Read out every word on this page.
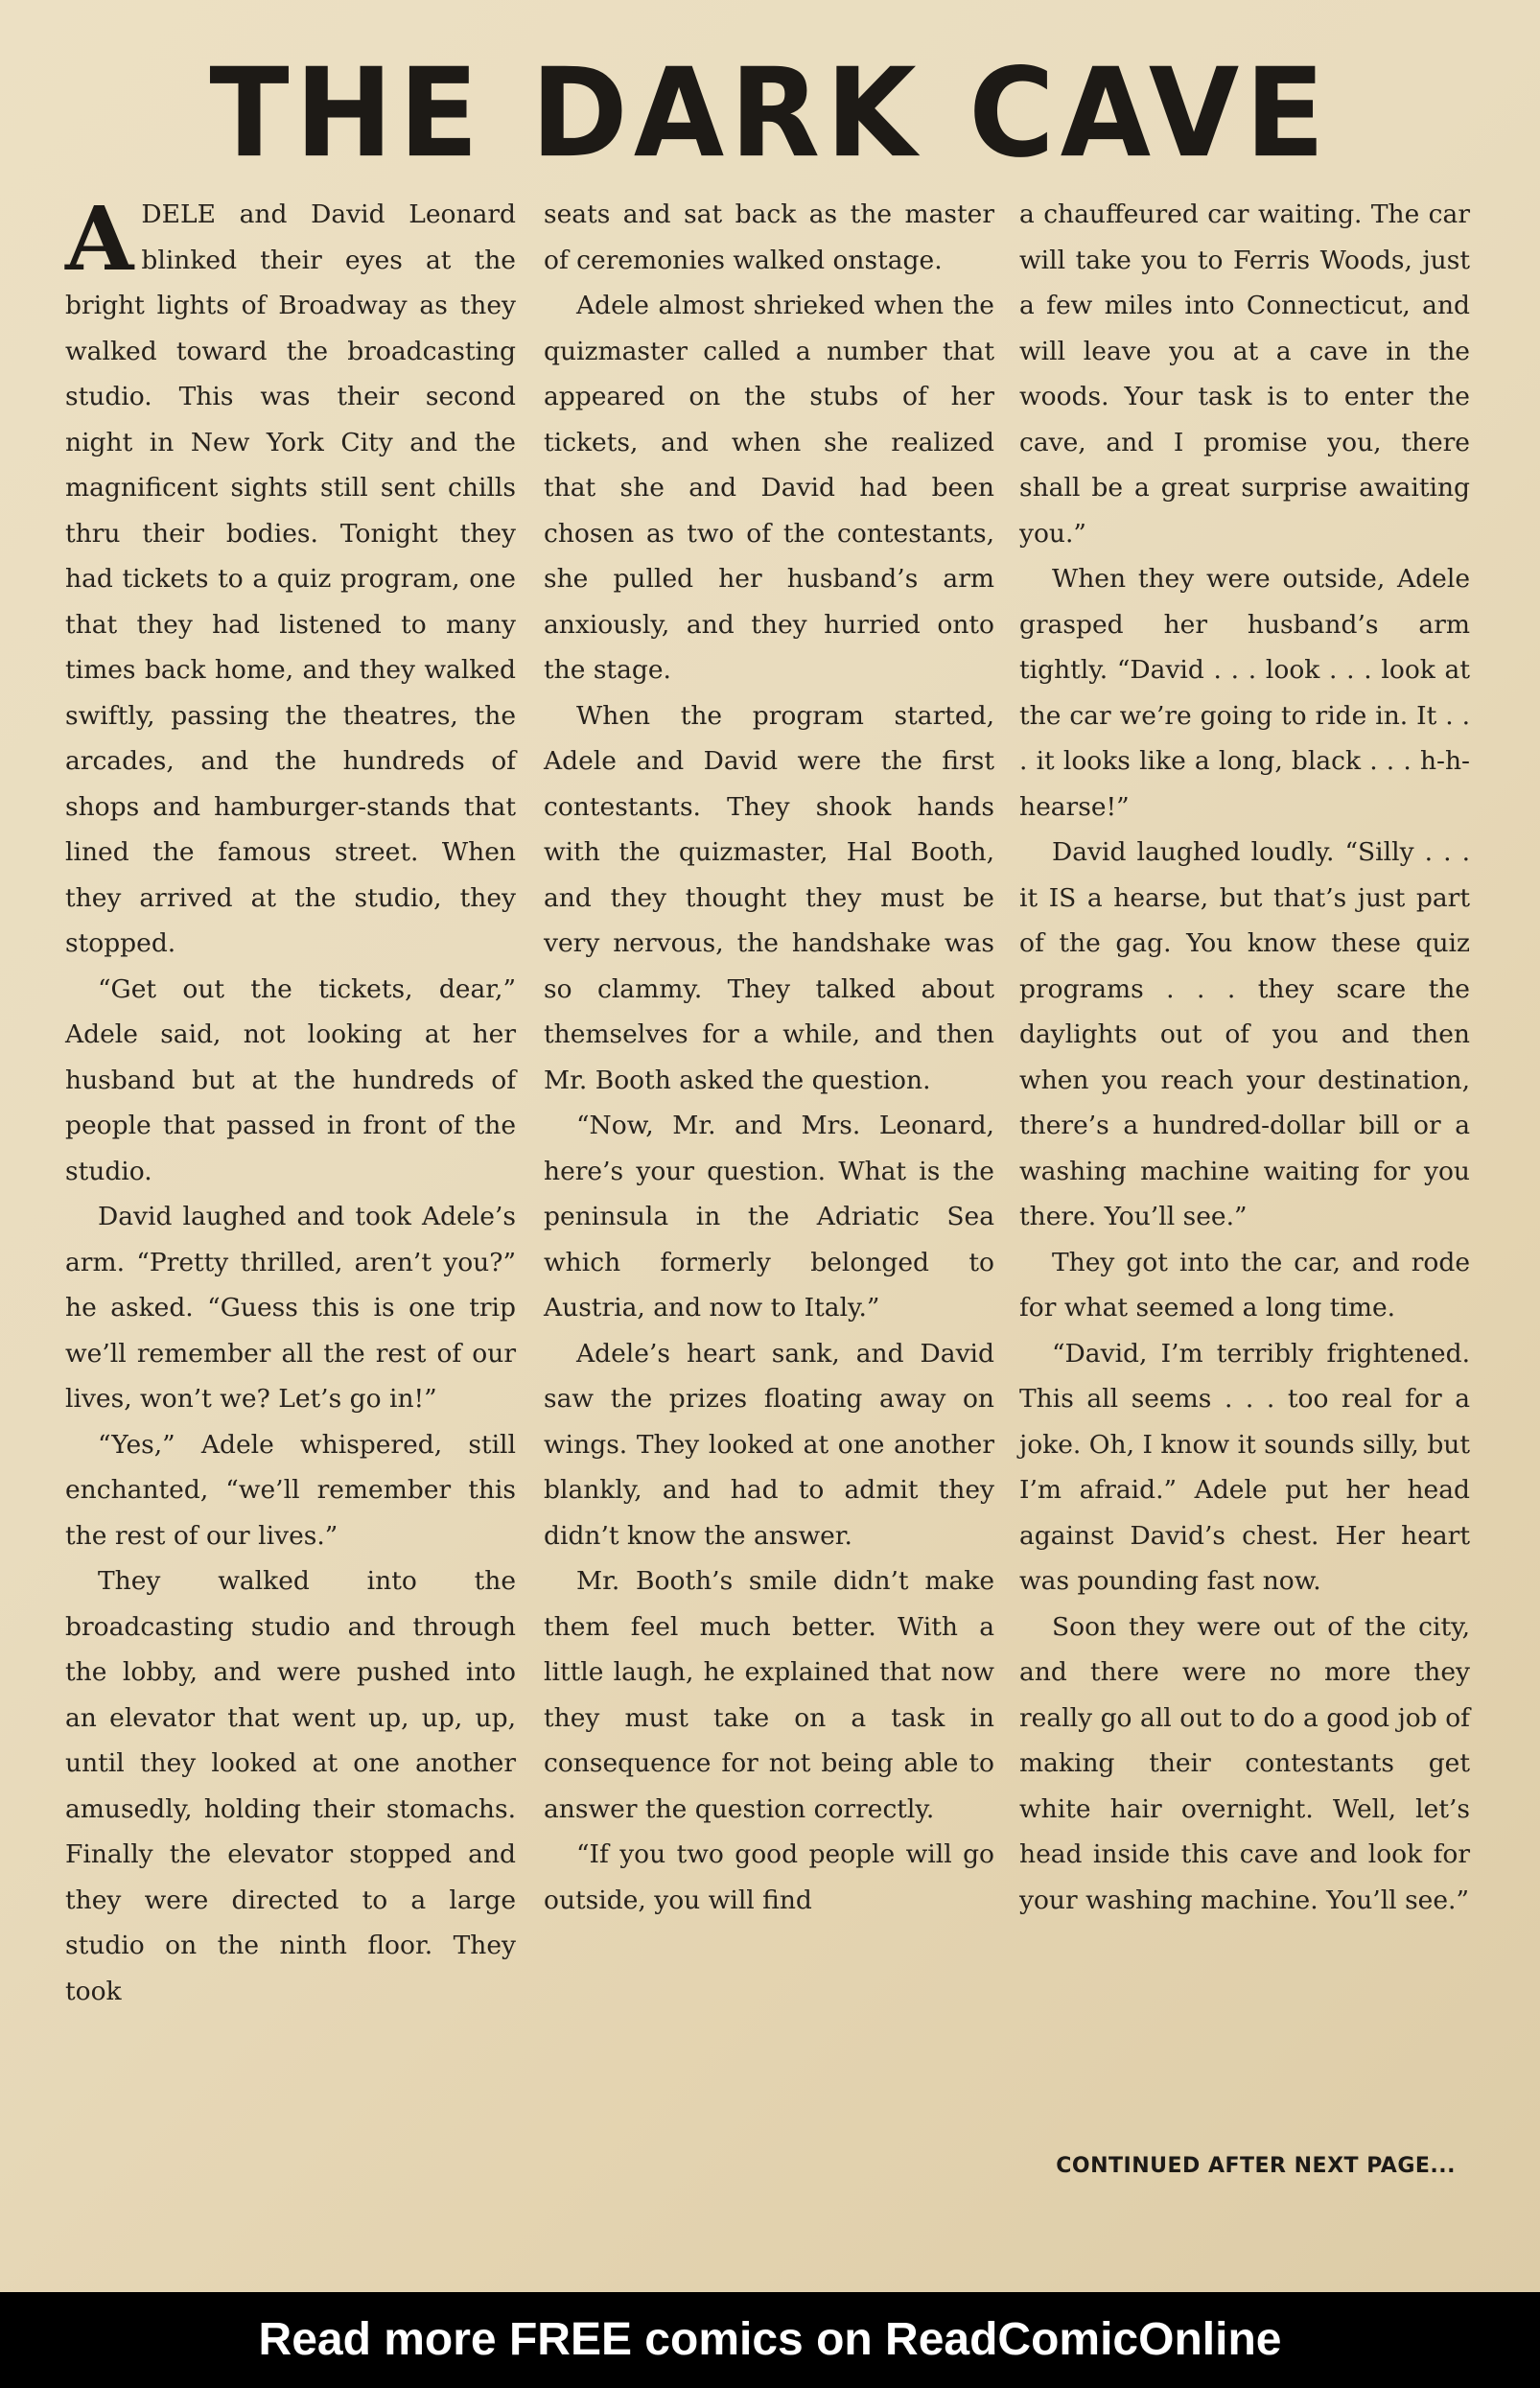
THE DARK CAVE

ADELE and David Leonard blinked their eyes at the bright lights of Broadway as they walked toward the broadcasting studio. This was their second night in New York City and the magnificent sights still sent chills thru their bodies. Tonight they had tickets to a quiz program, one that they had listened to many times back home, and they walked swiftly, passing the theatres, the arcades, and the hundreds of shops and hamburger-stands that lined the famous street. When they arrived at the studio, they stopped.

“Get out the tickets, dear,” Adele said, not looking at her husband but at the hundreds of people that passed in front of the studio.

David laughed and took Adele’s arm. “Pretty thrilled, aren’t you?” he asked. “Guess this is one trip we’ll remember all the rest of our lives, won’t we? Let’s go in!”

“Yes,” Adele whispered, still enchanted, “we’ll remember this the rest of our lives.”

They walked into the broadcasting studio and through the lobby, and were pushed into an elevator that went up, up, up, until they looked at one another amusedly, holding their stomachs. Finally the elevator stopped and they were directed to a large studio on the ninth floor. They took

seats and sat back as the master of ceremonies walked onstage.

Adele almost shrieked when the quizmaster called a number that appeared on the stubs of her tickets, and when she realized that she and David had been chosen as two of the contestants, she pulled her husband’s arm anxiously, and they hurried onto the stage.

When the program started, Adele and David were the first contestants. They shook hands with the quizmaster, Hal Booth, and they thought they must be very nervous, the handshake was so clammy. They talked about themselves for a while, and then Mr. Booth asked the question.

“Now, Mr. and Mrs. Leonard, here’s your question. What is the peninsula in the Adriatic Sea which formerly belonged to Austria, and now to Italy.”

Adele’s heart sank, and David saw the prizes floating away on wings. They looked at one another blankly, and had to admit they didn’t know the answer.

Mr. Booth’s smile didn’t make them feel much better. With a little laugh, he explained that now they must take on a task in consequence for not being able to answer the question correctly.

“If you two good people will go outside, you will find

a chauffeured car waiting. The car will take you to Ferris Woods, just a few miles into Connecticut, and will leave you at a cave in the woods. Your task is to enter the cave, and I promise you, there shall be a great surprise awaiting you.”

When they were outside, Adele grasped her husband’s arm tightly. “David . . . look . . . look at the car we’re going to ride in. It . . . it looks like a long, black . . . h-h-hearse!”

David laughed loudly. “Silly . . . it IS a hearse, but that’s just part of the gag. You know these quiz programs . . . they scare the daylights out of you and then when you reach your destination, there’s a hundred-dollar bill or a washing machine waiting for you there. You’ll see.”

They got into the car, and rode for what seemed a long time.

“David, I’m terribly frightened. This all seems . . . too real for a joke. Oh, I know it sounds silly, but I’m afraid.” Adele put her head against David’s chest. Her heart was pounding fast now.

Soon they were out of the city, and there were no more they really go all out to do a good job of making their contestants get white hair overnight. Well, let’s head inside this cave and look for your washing machine. You’ll see.”

CONTINUED AFTER NEXT PAGE...
Read more FREE comics on ReadComicOnline
